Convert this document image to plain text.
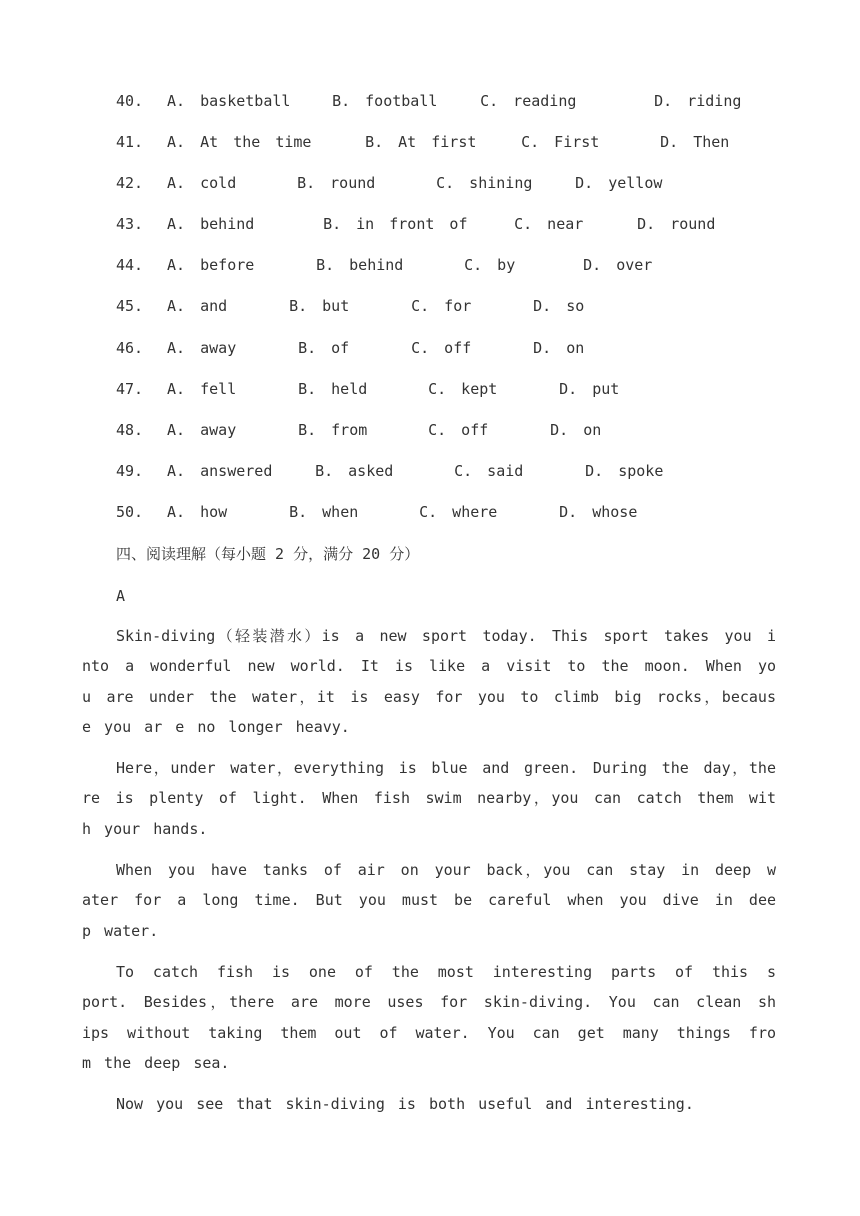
40. A. basketball	B. football	C. reading	D. riding
41. A. At the time	B. At first	C. First	D. Then
42. A. cold	B. round	C. shining	D. yellow
43. A. behind	B. in front of	C. near	D. round
44. A. before	B. behind	C. by	D. over
45. A. and	B. but	C. for	D. so
46. A. away	B. of	C. off	D. on
47. A. fell	B. held	C. kept	D. put
48. A. away	B. from	C. off	D. on
49. A. answered	B. asked	C. said	D. spoke
50. A. how	B. when	C. where	D. whose
四、阅读理解（每小题 2 分，满分 20 分）
A
Skin-diving（轻装潜水）is a new sport today. This sport takes you i
nto a wonderful new world. It is like a visit to the moon. When yo
u are under the water，it is easy for you to climb big rocks，becaus
e you ar e no longer heavy.
Here，under water，everything is blue and green. During the day，the
re is plenty of light. When fish swim nearby，you can catch them wit
h your hands.
When you have tanks of air on your back，you can stay in deep w
ater for a long time. But you must be careful when you dive in dee
p water.
To catch fish is one of the most interesting parts of this s
port. Besides，there are more uses for skin-diving. You can clean sh
ips without taking them out of water. You can get many things fro
m the deep sea.
Now you see that skin-diving is both useful and interesting.
